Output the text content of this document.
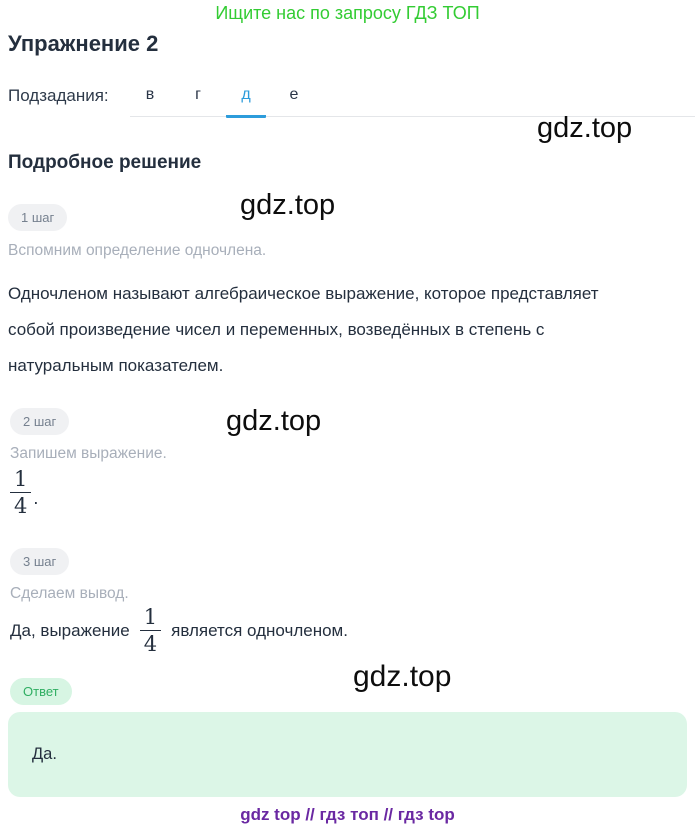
Ищите нас по запросу ГДЗ ТОП
Упражнение 2
Подзадания:	в	г	д	е
gdz.top
gdz.top
gdz.top
gdz.top
Подробное решение
1 шаг
Вспомним определение одночлена.
Одночленом называют алгебраическое выражение, которое представляет
собой произведение чисел и переменных, возведённых в степень с
натуральным показателем.
2 шаг
Запишем выражение.
$\frac{1}{4}$ .
3 шаг
Сделаем вывод.
Да, выражение $\frac{1}{4}$ является одночленом.
Ответ
Да.
gdz top // гдз топ // гдз top
